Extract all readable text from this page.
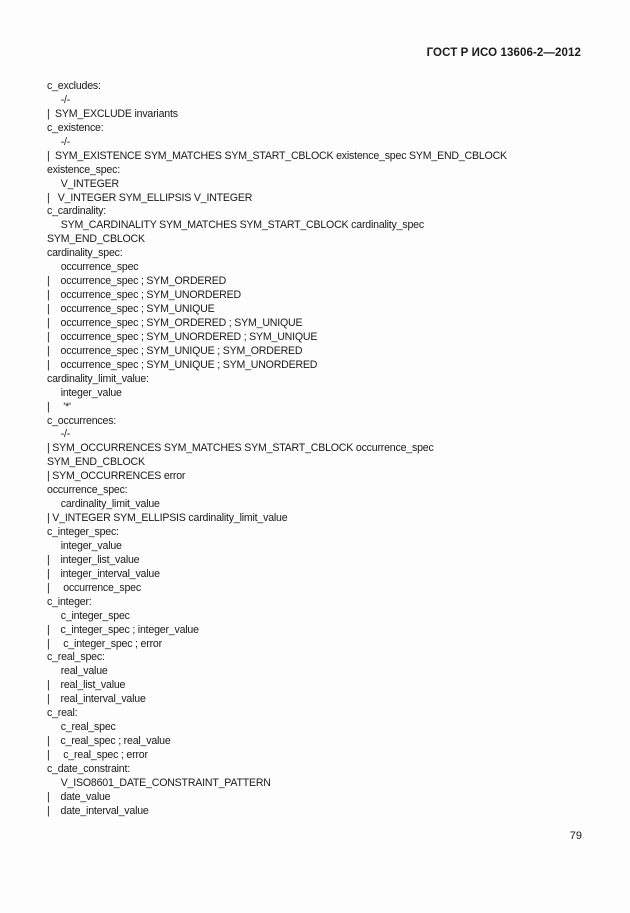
ГОСТ Р ИСО 13606-2—2012
c_excludes:
-/-
|  SYM_EXCLUDE invariants
c_existence:
-/-
|  SYM_EXISTENCE SYM_MATCHES SYM_START_CBLOCK existence_spec SYM_END_CBLOCK
existence_spec:
V_INTEGER
|   V_INTEGER SYM_ELLIPSIS V_INTEGER
c_cardinality:
SYM_CARDINALITY SYM_MATCHES SYM_START_CBLOCK cardinality_spec
SYM_END_CBLOCK
cardinality_spec:
occurrence_spec
|    occurrence_spec ; SYM_ORDERED
|    occurrence_spec ; SYM_UNORDERED
|    occurrence_spec ; SYM_UNIQUE
|    occurrence_spec ; SYM_ORDERED ; SYM_UNIQUE
|    occurrence_spec ; SYM_UNORDERED ; SYM_UNIQUE
|    occurrence_spec ; SYM_UNIQUE ; SYM_ORDERED
|    occurrence_spec ; SYM_UNIQUE ; SYM_UNORDERED
cardinality_limit_value:
integer_value
|     '*'
c_occurrences:
-/-
| SYM_OCCURRENCES SYM_MATCHES SYM_START_CBLOCK occurrence_spec
SYM_END_CBLOCK
| SYM_OCCURRENCES error
occurrence_spec:
cardinality_limit_value
| V_INTEGER SYM_ELLIPSIS cardinality_limit_value
c_integer_spec:
integer_value
|    integer_list_value
|    integer_interval_value
|     occurrence_spec
c_integer:
c_integer_spec
|    c_integer_spec ; integer_value
|     c_integer_spec ; error
c_real_spec:
real_value
|    real_list_value
|    real_interval_value
c_real:
c_real_spec
|    c_real_spec ; real_value
|     c_real_spec ; error
c_date_constraint:
V_ISO8601_DATE_CONSTRAINT_PATTERN
|    date_value
|    date_interval_value
79
